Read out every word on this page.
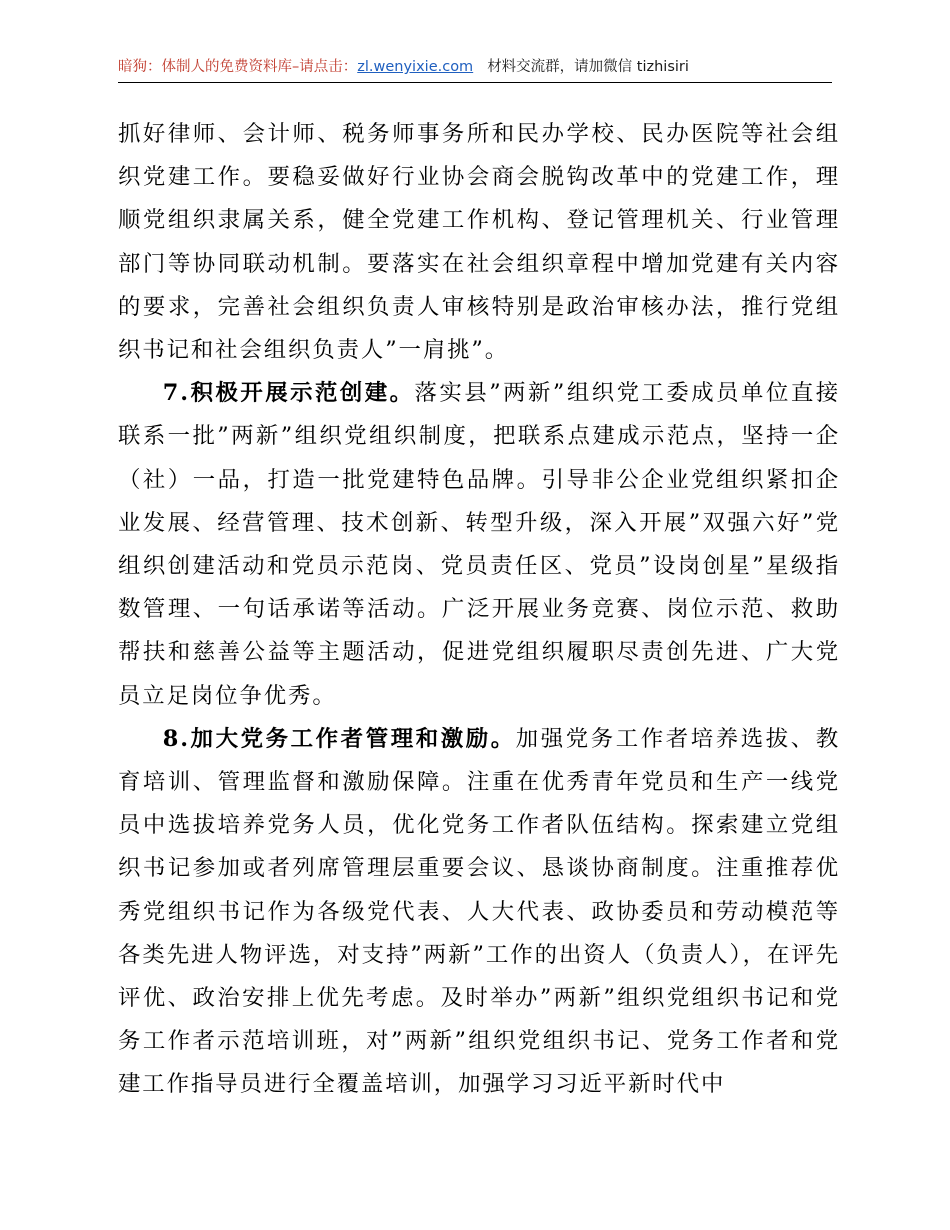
暗狗：体制人的免费资料库–请点击：zl.wenyixie.com 材料交流群，请加微信 tizhisiri

抓好律师、会计师、税务师事务所和民办学校、民办医院等社会组织党建工作。要稳妥做好行业协会商会脱钩改革中的党建工作，理顺党组织隶属关系，健全党建工作机构、登记管理机关、行业管理部门等协同联动机制。要落实在社会组织章程中增加党建有关内容的要求，完善社会组织负责人审核特别是政治审核办法，推行党组织书记和社会组织负责人”一肩挑”。

7.积极开展示范创建。落实县”两新”组织党工委成员单位直接联系一批”两新”组织党组织制度，把联系点建成示范点，坚持一企（社）一品，打造一批党建特色品牌。引导非公企业党组织紧扣企业发展、经营管理、技术创新、转型升级，深入开展”双强六好”党组织创建活动和党员示范岗、党员责任区、党员”设岗创星”星级指数管理、一句话承诺等活动。广泛开展业务竞赛、岗位示范、救助帮扶和慈善公益等主题活动，促进党组织履职尽责创先进、广大党员立足岗位争优秀。

8.加大党务工作者管理和激励。加强党务工作者培养选拔、教育培训、管理监督和激励保障。注重在优秀青年党员和生产一线党员中选拔培养党务人员，优化党务工作者队伍结构。探索建立党组织书记参加或者列席管理层重要会议、恳谈协商制度。注重推荐优秀党组织书记作为各级党代表、人大代表、政协委员和劳动模范等各类先进人物评选，对支持”两新”工作的出资人（负责人），在评先评优、政治安排上优先考虑。及时举办”两新”组织党组织书记和党务工作者示范培训班，对”两新”组织党组织书记、党务工作者和党建工作指导员进行全覆盖培训，加强学习习近平新时代中
